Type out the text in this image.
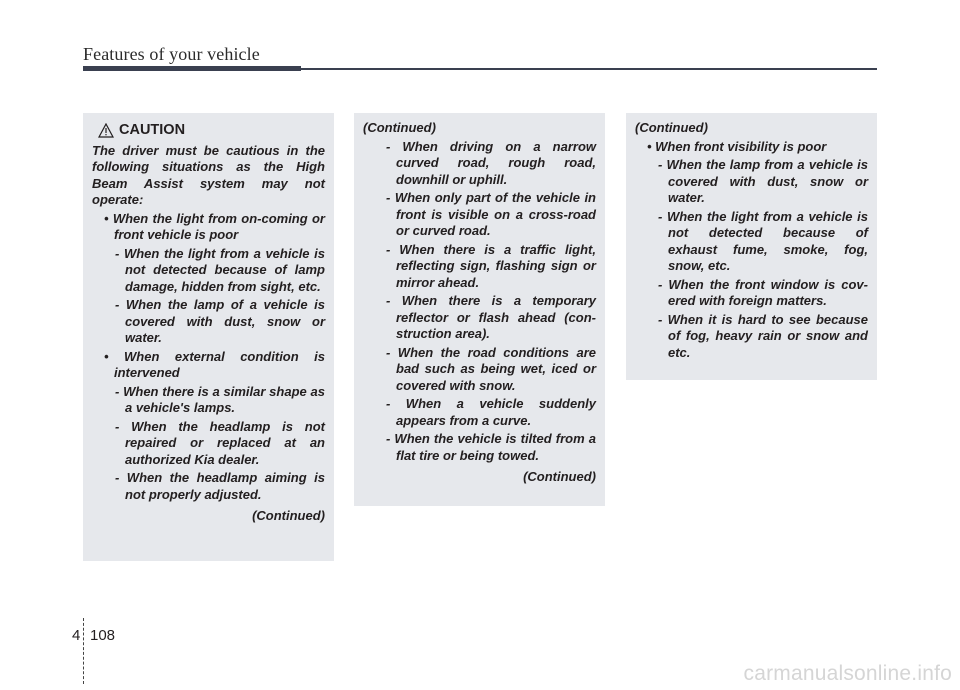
Features of your vehicle
CAUTION
The driver must be cautious in the following situations as the High Beam Assist system may not operate:
• When the light from on-coming or front vehicle is poor
- When the light from a vehicle is not detected because of lamp damage, hidden from sight, etc.
- When the lamp of a vehicle is covered with dust, snow or water.
• When external condition is intervened
- When there is a similar shape as a vehicle's lamps.
- When the headlamp is not repaired or replaced at an authorized Kia dealer.
- When the headlamp aiming is not properly adjusted.
(Continued)
(Continued)
- When driving on a narrow curved road, rough road, downhill or uphill.
- When only part of the vehicle in front is visible on a cross-road or curved road.
- When there is a traffic light, reflecting sign, flashing sign or mirror ahead.
- When there is a temporary reflector or flash ahead (con-struction area).
- When the road conditions are bad such as being wet, iced or covered with snow.
- When a vehicle suddenly appears from a curve.
- When the vehicle is tilted from a flat tire or being towed.
(Continued)
(Continued)
• When front visibility is poor
- When the lamp from a vehicle is covered with dust, snow or water.
- When the light from a vehicle is not detected because of exhaust fume, smoke, fog, snow, etc.
- When the front window is cov-ered with foreign matters.
- When it is hard to see because of fog, heavy rain or snow and etc.
4 108
carmanualsonline.info
